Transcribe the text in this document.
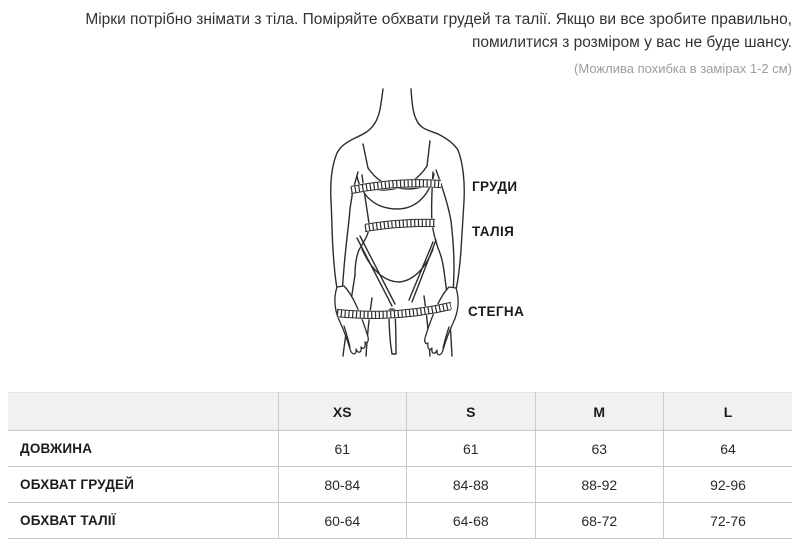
Мірки потрібно знімати з тіла. Поміряйте обхвати грудей та талії. Якщо ви все зробите правильно, помилитися з розміром у вас не буде шансу.
(Можлива похибка в замірах 1-2 см)
ГРУДИ
ТАЛІЯ
СТЕГНА
	XS	S	M	L
ДОВЖИНА	61	61	63	64
ОБХВАТ ГРУДЕЙ	80-84	84-88	88-92	92-96
ОБХВАТ ТАЛІЇ	60-64	64-68	68-72	72-76
